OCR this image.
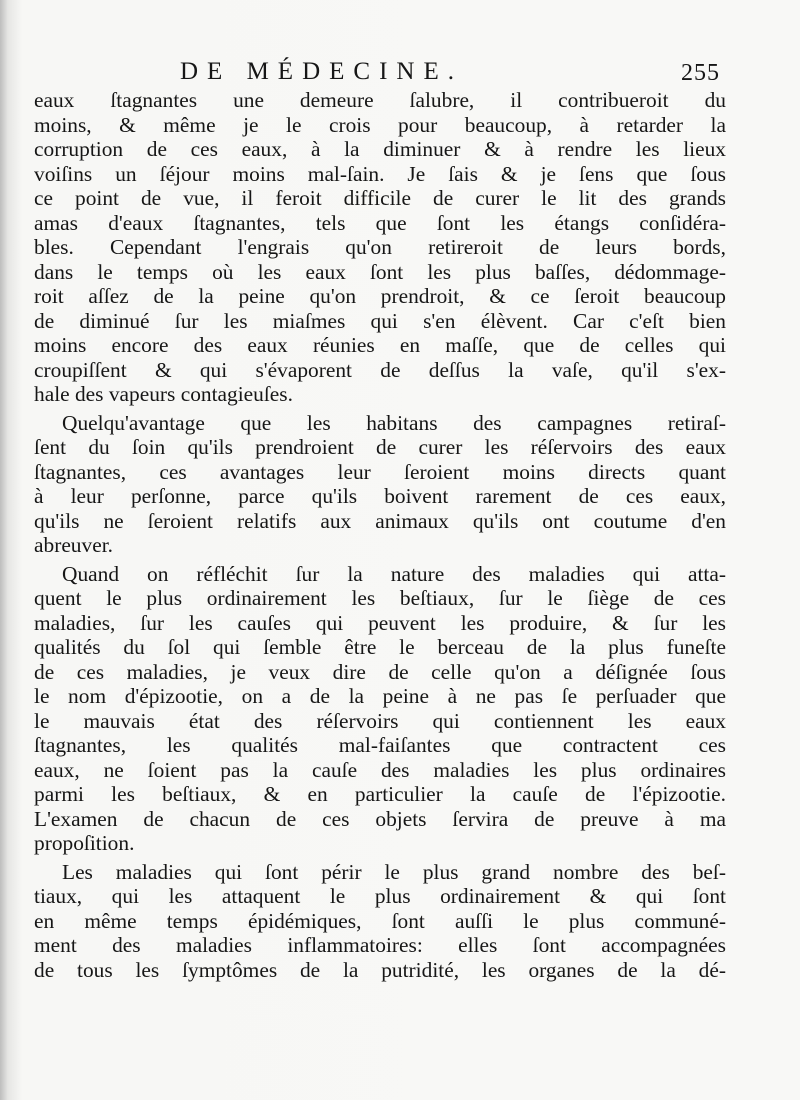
DE MÉDECINE.	255
eaux ſtagnantes une demeure ſalubre, il contribueroit du
moins, & même je le crois pour beaucoup, à retarder la
corruption de ces eaux, à la diminuer & à rendre les lieux
voiſins un ſéjour moins mal-ſain. Je ſais & je ſens que ſous
ce point de vue, il feroit difficile de curer le lit des grands
amas d'eaux ſtagnantes, tels que ſont les étangs conſidéra-
bles. Cependant l'engrais qu'on retireroit de leurs bords,
dans le temps où les eaux ſont les plus baſſes, dédommage-
roit aſſez de la peine qu'on prendroit, & ce ſeroit beaucoup
de diminué ſur les miaſmes qui s'en élèvent. Car c'eſt bien
moins encore des eaux réunies en maſſe, que de celles qui
croupiſſent & qui s'évaporent de deſſus la vaſe, qu'il s'ex-
hale des vapeurs contagieuſes.
Quelqu'avantage que les habitans des campagnes retiraſ-
ſent du ſoin qu'ils prendroient de curer les réſervoirs des eaux
ſtagnantes, ces avantages leur ſeroient moins directs quant
à leur perſonne, parce qu'ils boivent rarement de ces eaux,
qu'ils ne ſeroient relatifs aux animaux qu'ils ont coutume d'en
abreuver.
Quand on réfléchit ſur la nature des maladies qui atta-
quent le plus ordinairement les beſtiaux, ſur le ſiège de ces
maladies, ſur les cauſes qui peuvent les produire, & ſur les
qualités du ſol qui ſemble être le berceau de la plus funeſte
de ces maladies, je veux dire de celle qu'on a déſignée ſous
le nom d'épizootie, on a de la peine à ne pas ſe perſuader que
le mauvais état des réſervoirs qui contiennent les eaux
ſtagnantes, les qualités mal-faiſantes que contractent ces
eaux, ne ſoient pas la cauſe des maladies les plus ordinaires
parmi les beſtiaux, & en particulier la cauſe de l'épizootie.
L'examen de chacun de ces objets ſervira de preuve à ma
propoſition.
Les maladies qui ſont périr le plus grand nombre des beſ-
tiaux, qui les attaquent le plus ordinairement & qui ſont
en même temps épidémiques, ſont auſſi le plus communé-
ment des maladies inflammatoires: elles ſont accompagnées
de tous les ſymptômes de la putridité, les organes de la dé-
